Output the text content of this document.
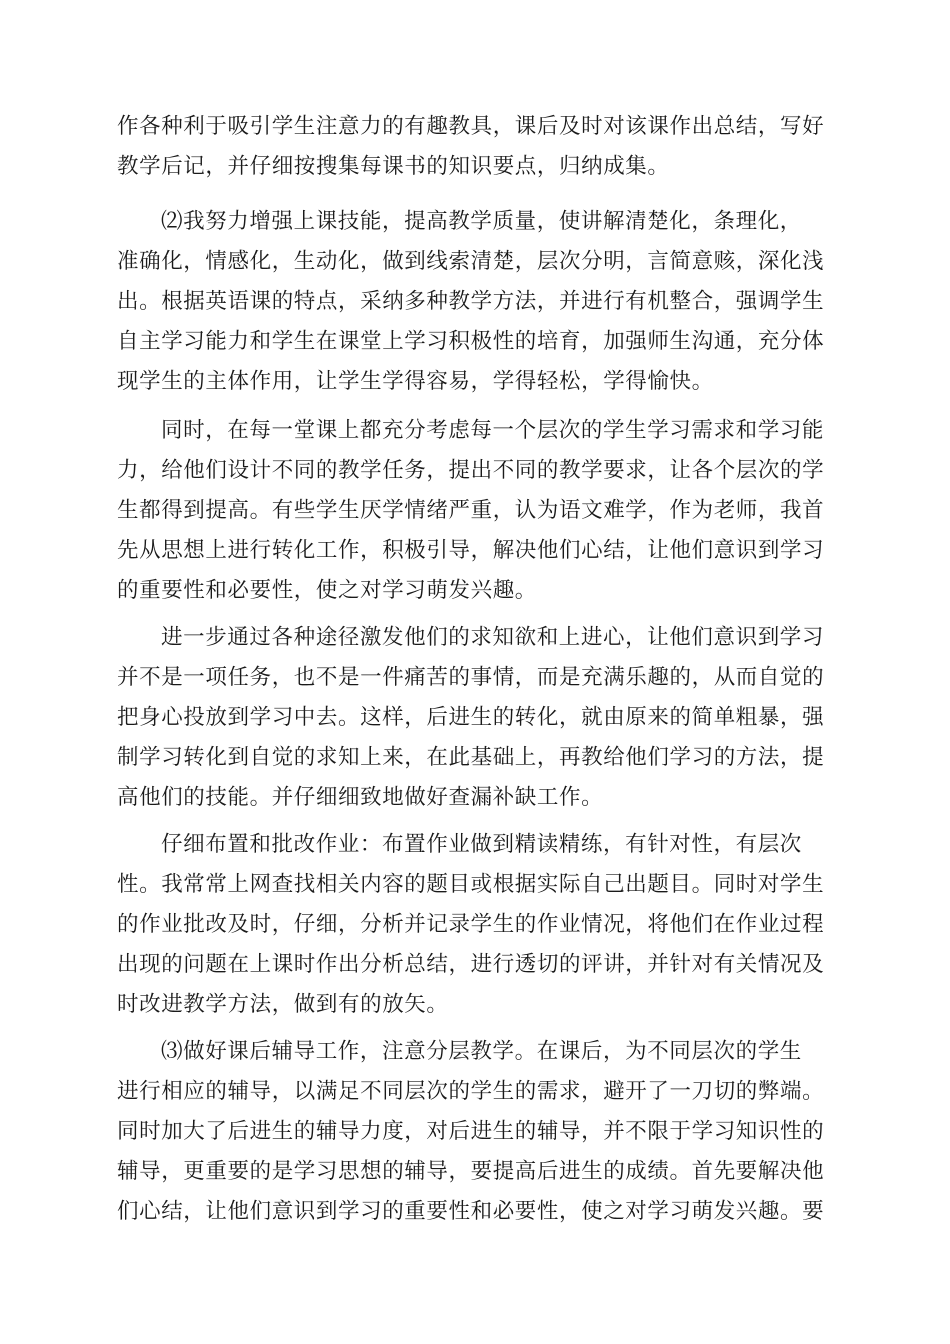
作各种利于吸引学生注意力的有趣教具，课后及时对该课作出总结，写好
教学后记，并仔细按搜集每课书的知识要点，归纳成集。
⑵我努力增强上课技能，提高教学质量，使讲解清楚化，条理化，
准确化，情感化，生动化，做到线索清楚，层次分明，言简意赅，深化浅
出。根据英语课的特点，采纳多种教学方法，并进行有机整合，强调学生
自主学习能力和学生在课堂上学习积极性的培育，加强师生沟通，充分体
现学生的主体作用，让学生学得容易，学得轻松，学得愉快。
同时，在每一堂课上都充分考虑每一个层次的学生学习需求和学习能
力，给他们设计不同的教学任务，提出不同的教学要求，让各个层次的学
生都得到提高。有些学生厌学情绪严重，认为语文难学，作为老师，我首
先从思想上进行转化工作，积极引导，解决他们心结，让他们意识到学习
的重要性和必要性，使之对学习萌发兴趣。
进一步通过各种途径激发他们的求知欲和上进心，让他们意识到学习
并不是一项任务，也不是一件痛苦的事情，而是充满乐趣的，从而自觉的
把身心投放到学习中去。这样，后进生的转化，就由原来的简单粗暴，强
制学习转化到自觉的求知上来，在此基础上，再教给他们学习的方法，提
高他们的技能。并仔细细致地做好查漏补缺工作。
仔细布置和批改作业：布置作业做到精读精练，有针对性，有层次
性。我常常上网查找相关内容的题目或根据实际自己出题目。同时对学生
的作业批改及时，仔细，分析并记录学生的作业情况，将他们在作业过程
出现的问题在上课时作出分析总结，进行透切的评讲，并针对有关情况及
时改进教学方法，做到有的放矢。
⑶做好课后辅导工作，注意分层教学。在课后，为不同层次的学生
进行相应的辅导，以满足不同层次的学生的需求，避开了一刀切的弊端。
同时加大了后进生的辅导力度，对后进生的辅导，并不限于学习知识性的
辅导，更重要的是学习思想的辅导，要提高后进生的成绩。首先要解决他
们心结，让他们意识到学习的重要性和必要性，使之对学习萌发兴趣。要
